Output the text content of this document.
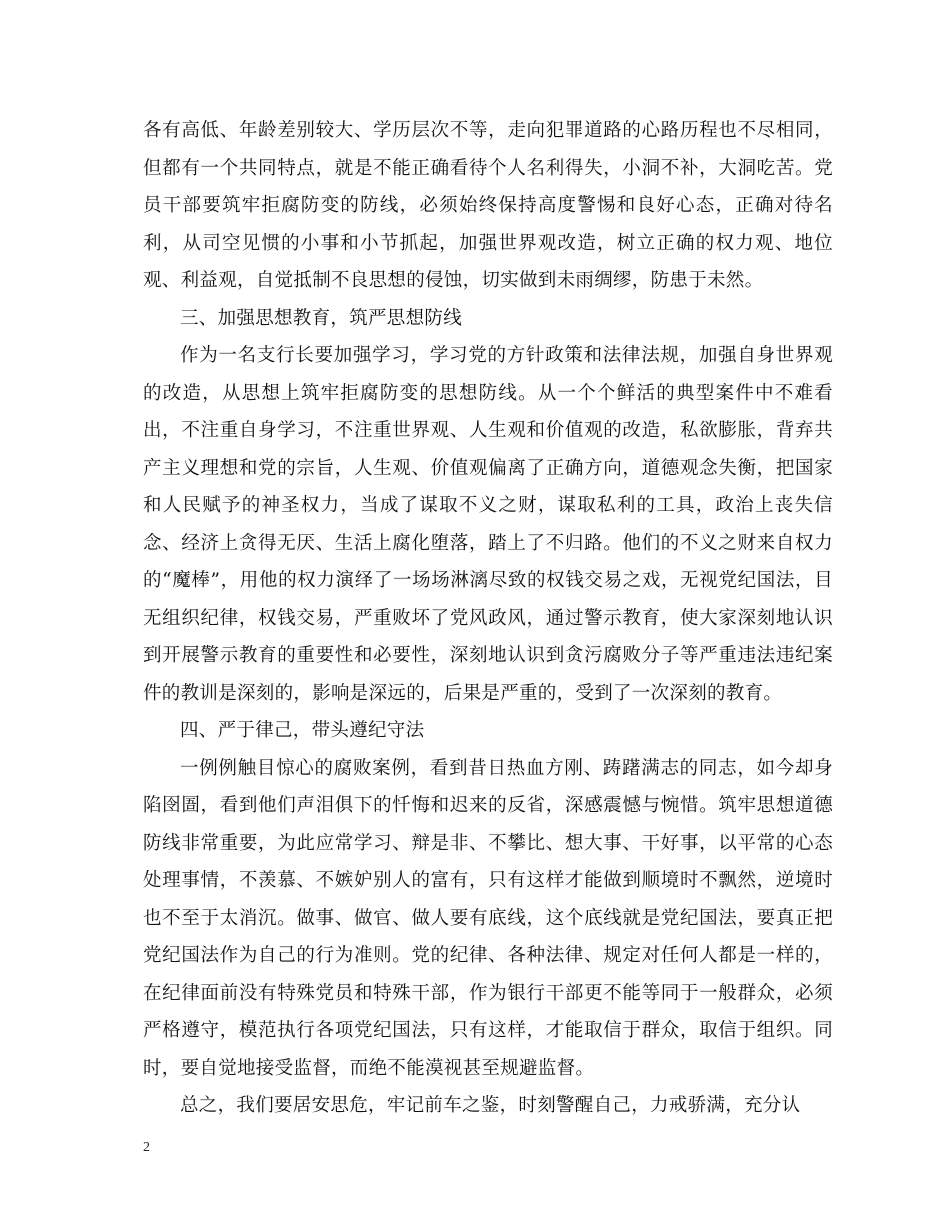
各有高低、年龄差别较大、学历层次不等，走向犯罪道路的心路历程也不尽相同，但都有一个共同特点，就是不能正确看待个人名利得失，小洞不补，大洞吃苦。党员干部要筑牢拒腐防变的防线，必须始终保持高度警惕和良好心态，正确对待名利，从司空见惯的小事和小节抓起，加强世界观改造，树立正确的权力观、地位观、利益观，自觉抵制不良思想的侵蚀，切实做到未雨绸缪，防患于未然。

三、加强思想教育，筑严思想防线

作为一名支行长要加强学习，学习党的方针政策和法律法规，加强自身世界观的改造，从思想上筑牢拒腐防变的思想防线。从一个个鲜活的典型案件中不难看出，不注重自身学习，不注重世界观、人生观和价值观的改造，私欲膨胀，背弃共产主义理想和党的宗旨，人生观、价值观偏离了正确方向，道德观念失衡，把国家和人民赋予的神圣权力，当成了谋取不义之财，谋取私利的工具，政治上丧失信念、经济上贪得无厌、生活上腐化堕落，踏上了不归路。他们的不义之财来自权力的“魔棒”，用他的权力演绎了一场场淋漓尽致的权钱交易之戏，无视党纪国法，目无组织纪律，权钱交易，严重败坏了党风政风，通过警示教育，使大家深刻地认识到开展警示教育的重要性和必要性，深刻地认识到贪污腐败分子等严重违法违纪案件的教训是深刻的，影响是深远的，后果是严重的，受到了一次深刻的教育。

四、严于律己，带头遵纪守法

一例例触目惊心的腐败案例，看到昔日热血方刚、踌躇满志的同志，如今却身陷囹圄，看到他们声泪俱下的忏悔和迟来的反省，深感震憾与惋惜。筑牢思想道德防线非常重要，为此应常学习、辩是非、不攀比、想大事、干好事，以平常的心态处理事情，不羡慕、不嫉妒别人的富有，只有这样才能做到顺境时不飘然，逆境时也不至于太消沉。做事、做官、做人要有底线，这个底线就是党纪国法，要真正把党纪国法作为自己的行为准则。党的纪律、各种法律、规定对任何人都是一样的，在纪律面前没有特殊党员和特殊干部，作为银行干部更不能等同于一般群众，必须严格遵守，模范执行各项党纪国法，只有这样，才能取信于群众，取信于组织。同时，要自觉地接受监督，而绝不能漠视甚至规避监督。

总之，我们要居安思危，牢记前车之鉴，时刻警醒自己，力戒骄满，充分认

2
